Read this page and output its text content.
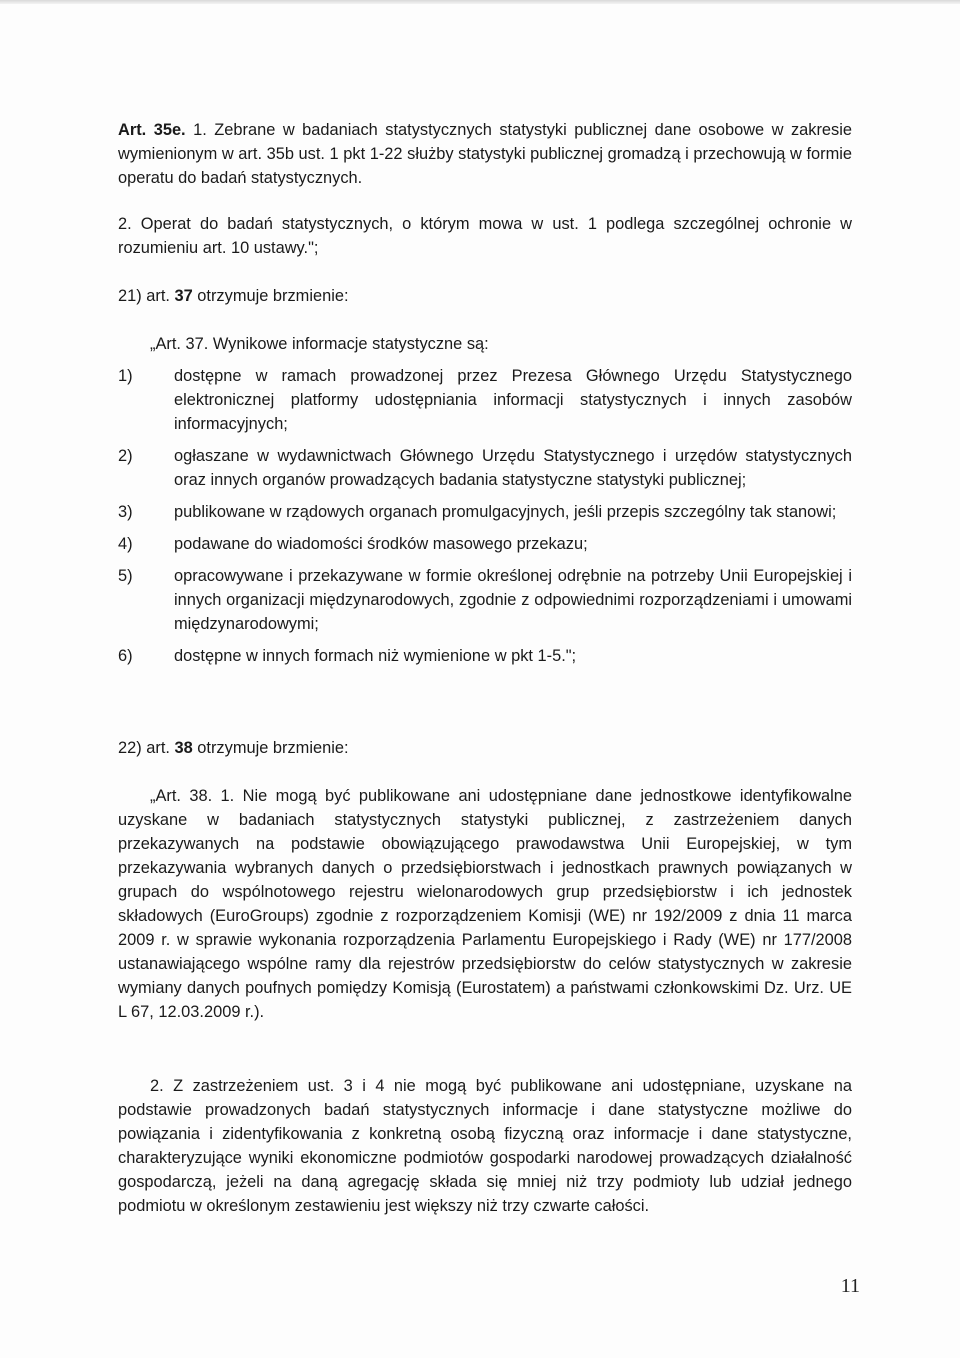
Art. 35e. 1. Zebrane w badaniach statystycznych statystyki publicznej dane osobowe w zakresie wymienionym w art. 35b ust. 1 pkt 1-22 służby statystyki publicznej gromadzą i przechowują w formie operatu do badań statystycznych.

2. Operat do badań statystycznych, o którym mowa w ust. 1 podlega szczególnej ochronie w rozumieniu art. 10 ustawy.";

21) art. 37 otrzymuje brzmienie:

„Art. 37. Wynikowe informacje statystyczne są:

1)	dostępne w ramach prowadzonej przez Prezesa Głównego Urzędu Statystycznego elektronicznej platformy udostępniania informacji statystycznych i innych zasobów informacyjnych;
2)	ogłaszane w wydawnictwach Głównego Urzędu Statystycznego i urzędów statystycznych oraz innych organów prowadzących badania statystyczne statystyki publicznej;
3)	publikowane w rządowych organach promulgacyjnych, jeśli przepis szczególny tak stanowi;
4)	podawane do wiadomości środków masowego przekazu;
5)	opracowywane i przekazywane w formie określonej odrębnie na potrzeby Unii Europejskiej i innych organizacji międzynarodowych, zgodnie z odpowiednimi rozporządzeniami i umowami międzynarodowymi;
6)	dostępne w innych formach niż wymienione w pkt 1-5.";

22) art. 38 otrzymuje brzmienie:

„Art. 38. 1. Nie mogą być publikowane ani udostępniane dane jednostkowe identyfikowalne uzyskane w badaniach statystycznych statystyki publicznej, z zastrzeżeniem danych przekazywanych na podstawie obowiązującego prawodawstwa Unii Europejskiej, w tym przekazywania wybranych danych o przedsiębiorstwach i jednostkach prawnych powiązanych w grupach do wspólnotowego rejestru wielonarodowych grup przedsiębiorstw i ich jednostek składowych (EuroGroups) zgodnie z rozporządzeniem Komisji (WE) nr 192/2009 z dnia 11 marca 2009 r. w sprawie wykonania rozporządzenia Parlamentu Europejskiego i Rady (WE) nr 177/2008 ustanawiającego wspólne ramy dla rejestrów przedsiębiorstw do celów statystycznych w zakresie wymiany danych poufnych pomiędzy Komisją (Eurostatem) a państwami członkowskimi Dz. Urz. UE L 67, 12.03.2009 r.).

2. Z zastrzeżeniem ust. 3 i 4 nie mogą być publikowane ani udostępniane, uzyskane na podstawie prowadzonych badań statystycznych informacje i dane statystyczne możliwe do powiązania i zidentyfikowania z konkretną osobą fizyczną oraz informacje i dane statystyczne, charakteryzujące wyniki ekonomiczne podmiotów gospodarki narodowej prowadzących działalność gospodarczą, jeżeli na daną agregację składa się mniej niż trzy podmioty lub udział jednego podmiotu w określonym zestawieniu jest większy niż trzy czwarte całości.

11
